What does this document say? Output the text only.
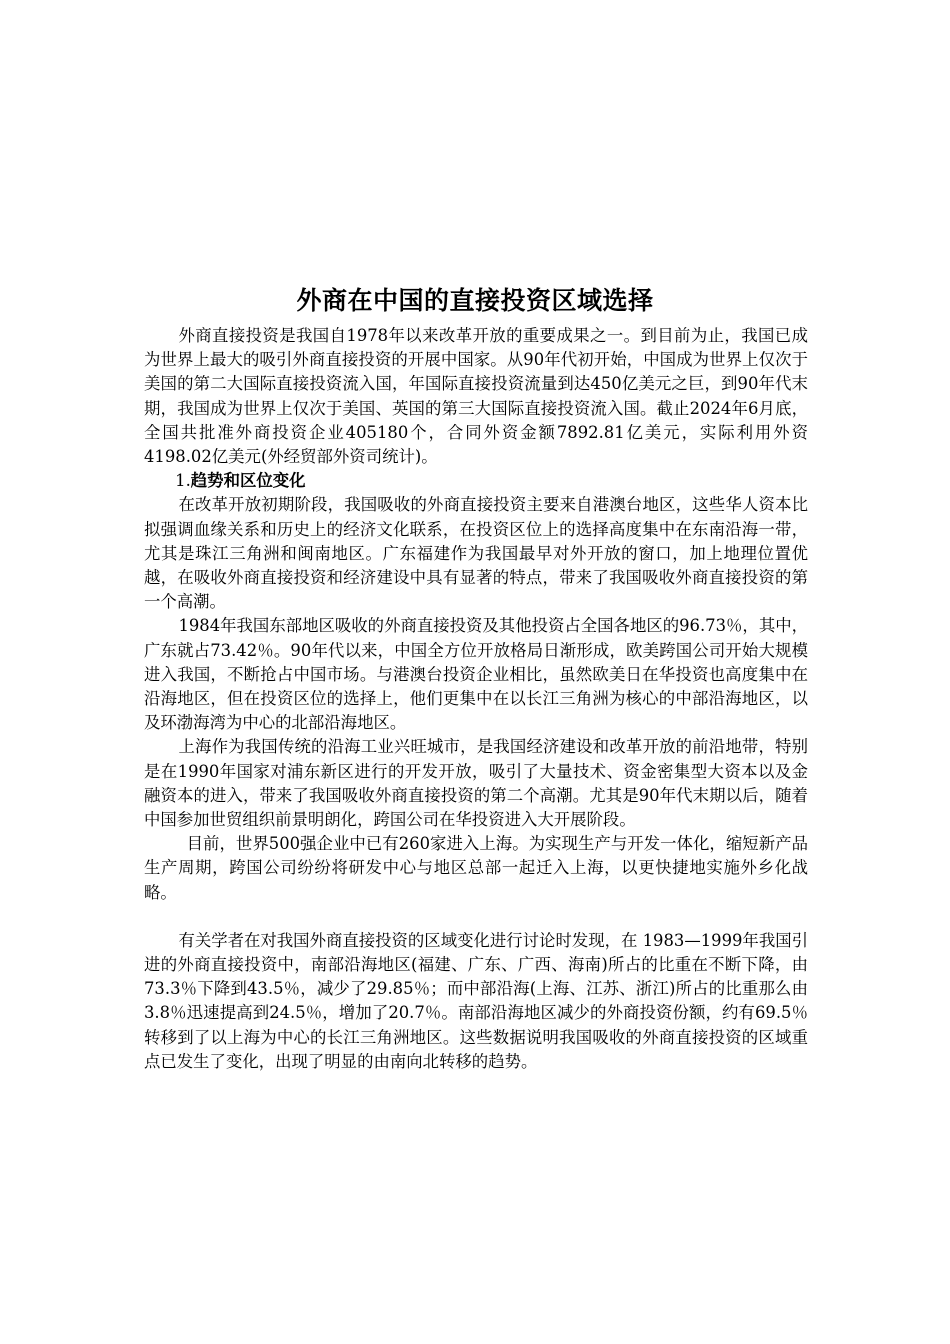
外商在中国的直接投资区域选择

外商直接投资是我国自1978年以来改革开放的重要成果之一。到目前为止，我国已成为世界上最大的吸引外商直接投资的开展中国家。从90年代初开始，中国成为世界上仅次于美国的第二大国际直接投资流入国，年国际直接投资流量到达450亿美元之巨，到90年代末期，我国成为世界上仅次于美国、英国的第三大国际直接投资流入国。截止2024年6月底，全国共批准外商投资企业405180个，合同外资金额7892.81亿美元，实际利用外资4198.02亿美元(外经贸部外资司统计)。

1.趋势和区位变化

在改革开放初期阶段，我国吸收的外商直接投资主要来自港澳台地区，这些华人资本比拟强调血缘关系和历史上的经济文化联系，在投资区位上的选择高度集中在东南沿海一带，尤其是珠江三角洲和闽南地区。广东福建作为我国最早对外开放的窗口，加上地理位置优越，在吸收外商直接投资和经济建设中具有显著的特点，带来了我国吸收外商直接投资的第一个高潮。

1984年我国东部地区吸收的外商直接投资及其他投资占全国各地区的96.73％，其中，广东就占73.42％。90年代以来，中国全方位开放格局日渐形成，欧美跨国公司开始大规模进入我国，不断抢占中国市场。与港澳台投资企业相比，虽然欧美日在华投资也高度集中在沿海地区，但在投资区位的选择上，他们更集中在以长江三角洲为核心的中部沿海地区，以及环渤海湾为中心的北部沿海地区。

上海作为我国传统的沿海工业兴旺城市，是我国经济建设和改革开放的前沿地带，特别是在1990年国家对浦东新区进行的开发开放，吸引了大量技术、资金密集型大资本以及金融资本的进入，带来了我国吸收外商直接投资的第二个高潮。尤其是90年代末期以后，随着中国参加世贸组织前景明朗化，跨国公司在华投资进入大开展阶段。

目前，世界500强企业中已有260家进入上海。为实现生产与开发一体化，缩短新产品生产周期，跨国公司纷纷将研发中心与地区总部一起迁入上海，以更快捷地实施外乡化战略。

有关学者在对我国外商直接投资的区域变化进行讨论时发现，在 1983—1999年我国引进的外商直接投资中，南部沿海地区(福建、广东、广西、海南)所占的比重在不断下降，由73.3％下降到43.5％，减少了29.85％；而中部沿海(上海、江苏、浙江)所占的比重那么由3.8％迅速提高到24.5％，增加了20.7％。南部沿海地区减少的外商投资份额，约有69.5％转移到了以上海为中心的长江三角洲地区。这些数据说明我国吸收的外商直接投资的区域重点已发生了变化，出现了明显的由南向北转移的趋势。
